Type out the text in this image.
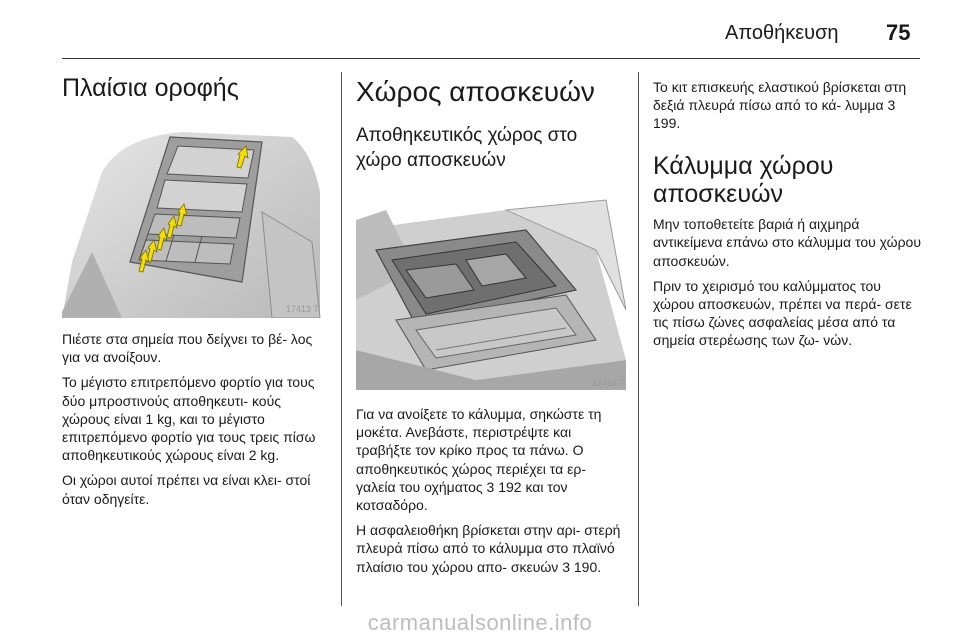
Αποθήκευση 75
Πλαίσια οροφής
17413 T

Πιέστε στα σημεία που δείχνει το βέ- λος για να ανοίξουν.

Το μέγιστο επιτρεπόμενο φορτίο για τους δύο μπροστινούς αποθηκευτι- κούς χώρους είναι 1 kg, και το μέγιστο επιτρεπόμενο φορτίο για τους τρεις πίσω αποθηκευτικούς χώρους είναι 2 kg.

Οι χώροι αυτοί πρέπει να είναι κλει- στοί όταν οδηγείτε.

Χώρος αποσκευών
Αποθηκευτικός χώρος στο χώρο αποσκευών
17414 T

Για να ανοίξετε το κάλυμμα, σηκώστε τη μοκέτα. Ανεβάστε, περιστρέψτε και τραβήξτε τον κρίκο προς τα πάνω. Ο αποθηκευτικός χώρος περιέχει τα ερ- γαλεία του οχήματος 3 192 και τον κοτσαδόρο.

Η ασφαλειοθήκη βρίσκεται στην αρι- στερή πλευρά πίσω από το κάλυμμα στο πλαϊνό πλαίσιο του χώρου απο- σκευών 3 190.

Το κιτ επισκευής ελαστικού βρίσκεται στη δεξιά πλευρά πίσω από το κά- λυμμα 3 199.

Κάλυμμα χώρου αποσκευών

Μην τοποθετείτε βαριά ή αιχμηρά αντικείμενα επάνω στο κάλυμμα του χώρου αποσκευών.

Πριν το χειρισμό του καλύμματος του χώρου αποσκευών, πρέπει να περά- σετε τις πίσω ζώνες ασφαλείας μέσα από τα σημεία στερέωσης των ζω- νών.

carmanualsonline.info
